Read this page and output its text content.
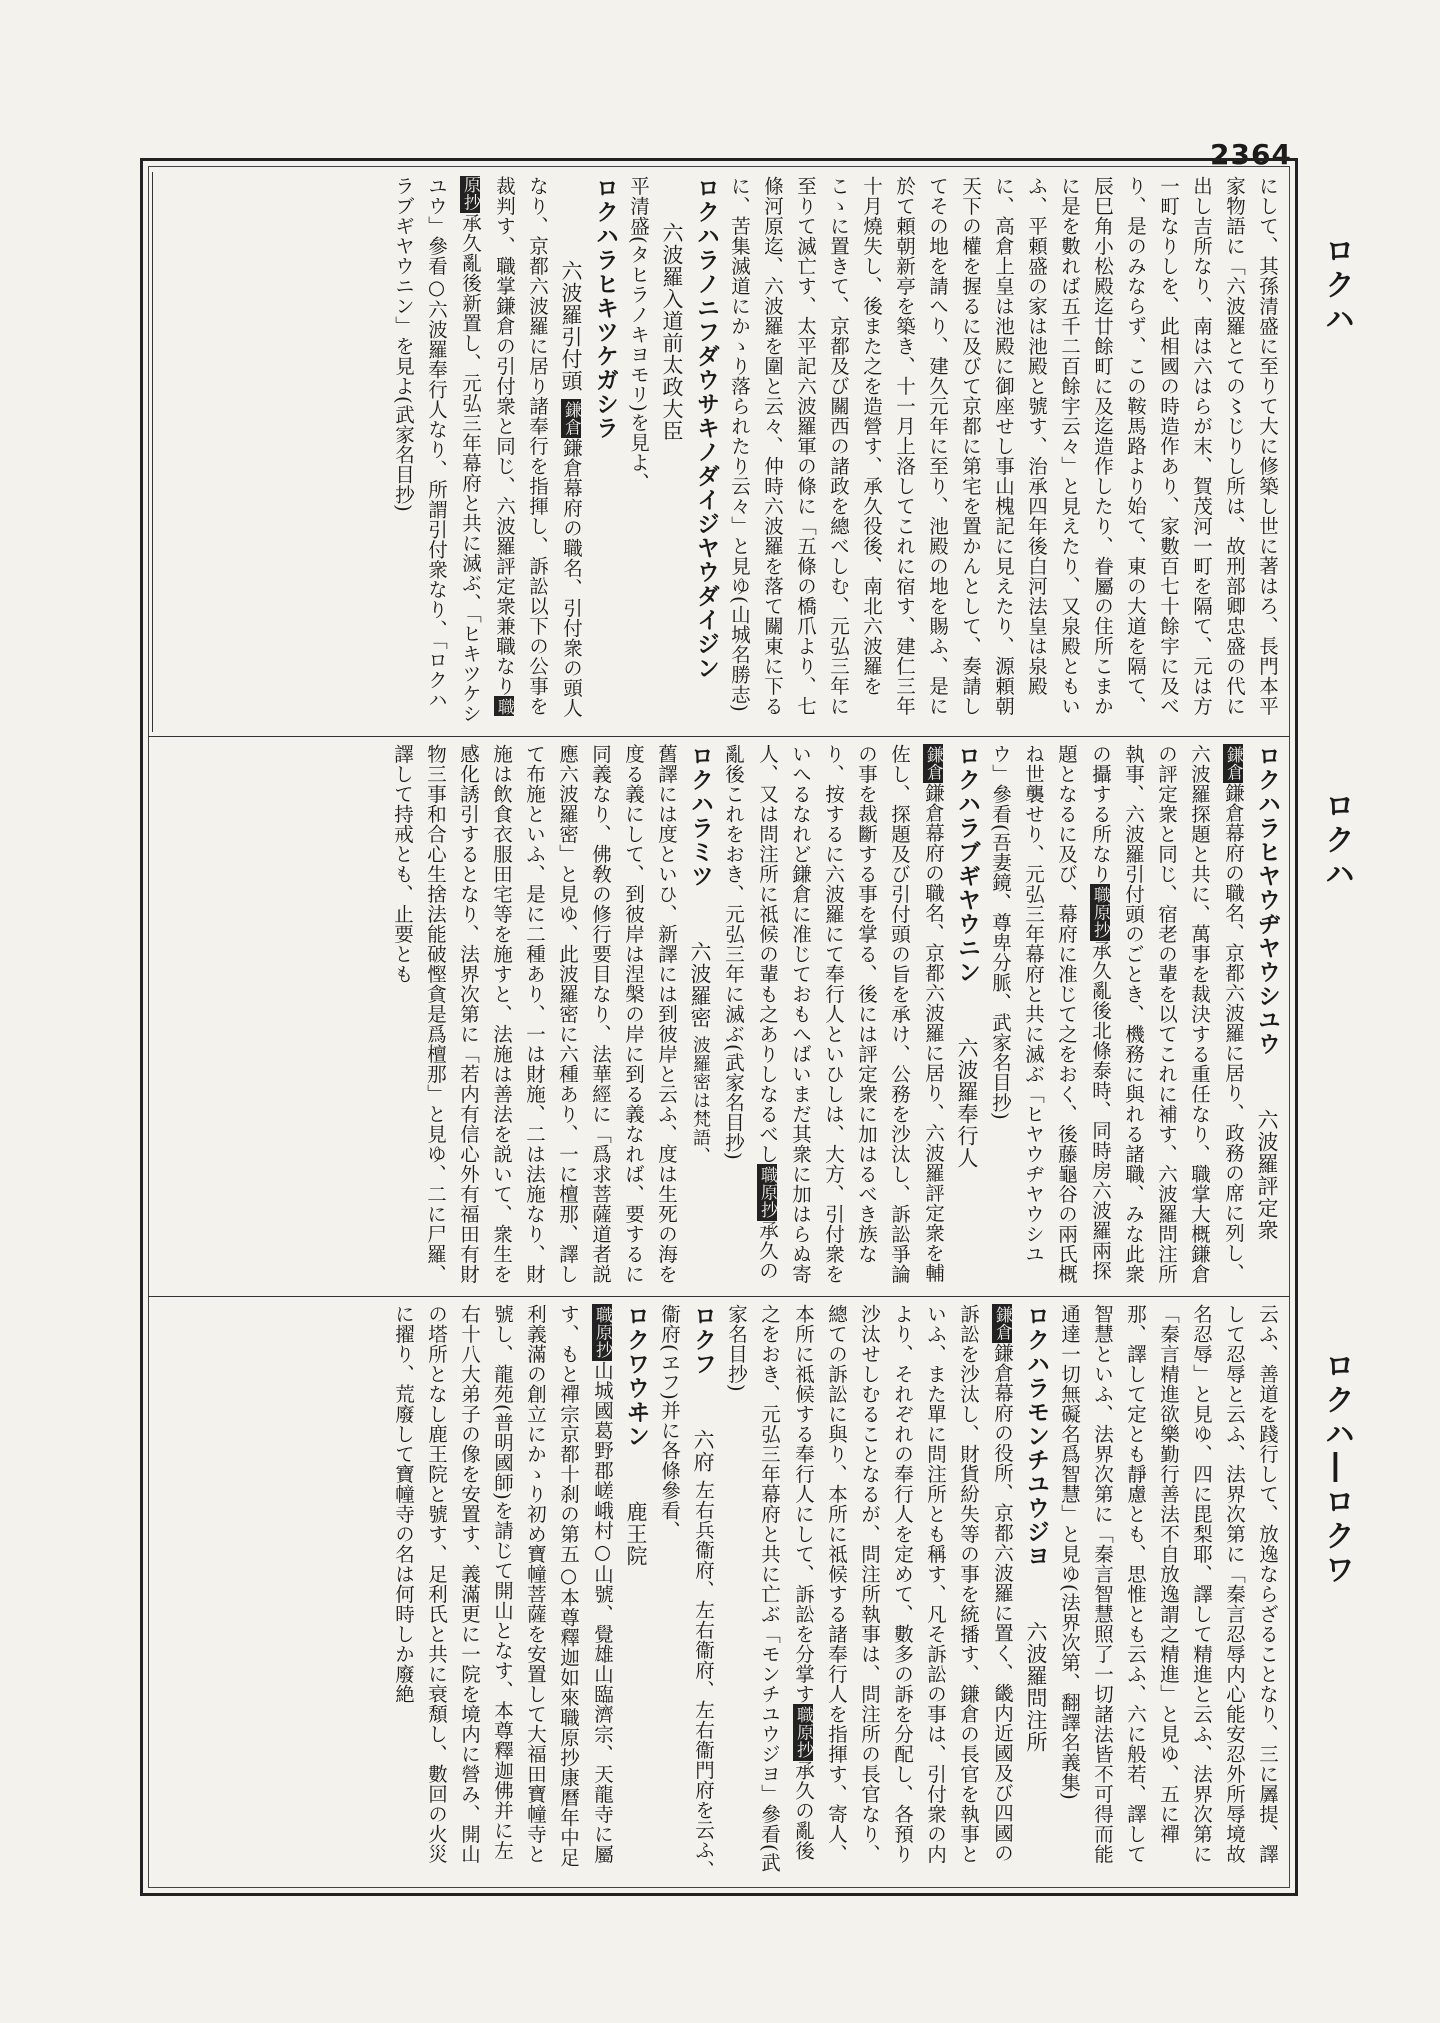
2364
ロクハ
ロクハ
ロクハ―ロクワ

にして、其孫清盛に至りて大に修築し世に著はろ、長門本平家物語に「六波羅とての〻じりし所は、故刑部卿忠盛の代に出し吉所なり、南は六はらが末、賀茂河一町を隔て、元は方一町なりしを、此相國の時造作あり、家數百七十餘宇に及べり、是のみならず、この鞍馬路より始て、東の大道を隔て、辰巳角小松殿迄廿餘町に及迄造作したり、眷屬の住所こまかに是を數れば五千二百餘宇云々」と見えたり、又泉殿ともいふ、平頼盛の家は池殿と號す、治承四年後白河法皇は泉殿に、高倉上皇は池殿に御座せし事山槐記に見えたり、源頼朝天下の權を握るに及びて京都に第宅を置かんとして、奏請してその地を請へり、建久元年に至り、池殿の地を賜ふ、是に於て頼朝新亭を築き、十一月上洛してこれに宿す、建仁三年十月燒失し、後また之を造營す、承久役後、南北六波羅をこゝに置きて、京都及び關西の諸政を總べしむ、元弘三年に至りて滅亡す、太平記六波羅軍の條に「五條の橋爪より、七條河原迄、六波羅を圍と云々、仲時六波羅を落て關東に下るに、苦集滅道にかゝり落られたり云々」と見ゆ(山城名勝志)

ロクハラノニフダウサキノダイジヤウダイジン

六波羅入道前太政大臣

平清盛(タヒラノキヨモリ)を見よ、

ロクハラヒキツケガシラ

六波羅引付頭 鎌倉鎌倉幕府の職名、引付衆の頭人なり、京都六波羅に居り諸奉行を指揮し、訴訟以下の公事を裁判す、職掌鎌倉の引付衆と同じ、六波羅評定衆兼職なり職原抄承久亂後新置し、元弘三年幕府と共に滅ぶ、「ヒキツケシユウ」參看○六波羅奉行人なり、所謂引付衆なり、「ロクハラブギヤウニン」を見よ(武家名目抄)

ロクハラヒヤウヂヤウシユウ 六波羅評定衆

鎌倉鎌倉幕府の職名、京都六波羅に居り、政務の席に列し、六波羅探題と共に、萬事を裁決する重任なり、職掌大概鎌倉の評定衆と同じ、宿老の輩を以てこれに補す、六波羅問注所執事、六波羅引付頭のごとき、機務に與れる諸職、みな此衆の攝する所なり職原抄承久亂後北條泰時、同時房六波羅兩探題となるに及び、幕府に准じて之をおく、後藤龜谷の兩氏概ね世襲せり、元弘三年幕府と共に滅ぶ「ヒヤウヂヤウシユウ」參看(吾妻鏡、尊卑分脈、武家名目抄)

ロクハラブギヤウニン 六波羅奉行人

鎌倉鎌倉幕府の職名、京都六波羅に居り、六波羅評定衆を輔佐し、探題及び引付頭の旨を承け、公務を沙汰し、訴訟爭論の事を裁斷する事を掌る、後には評定衆に加はるべき族なり、按するに六波羅にて奉行人といひしは、大方、引付衆をいへるなれど鎌倉に准じておもへばいまだ其衆に加はらぬ寄人、又は問注所に祗候の輩も之ありしなるべし職原抄承久の亂後これをおき、元弘三年に滅ぶ(武家名目抄)

ロクハラミツ 六波羅密 波羅密は梵語、

舊譯には度といひ、新譯には到彼岸と云ふ、度は生死の海を度る義にして、到彼岸は涅槃の岸に到る義なれば、要するに同義なり、佛敎の修行要目なり、法華經に「爲求菩薩道者説應六波羅密」と見ゆ、此波羅密に六種あり、一に檀那、譯して布施といふ、是に二種あり、一は財施、二は法施なり、財施は飲食衣服田宅等を施すと、法施は善法を説いて、衆生を感化誘引するとなり、法界次第に「若内有信心外有福田有財物三事和合心生捨法能破慳貪是爲檀那」と見ゆ、二に尸羅、譯して持戒とも、止要とも

云ふ、善道を踐行して、放逸ならざることなり、三に羼提、譯して忍辱と云ふ、法界次第に「秦言忍辱内心能安忍外所辱境故名忍辱」と見ゆ、四に毘梨耶、譯して精進と云ふ、法界次第に「秦言精進欲樂勤行善法不自放逸謂之精進」と見ゆ、五に禪那、譯して定とも靜慮とも、思惟とも云ふ、六に般若、譯して智慧といふ、法界次第に「秦言智慧照了一切諸法皆不可得而能通達一切無礙名爲智慧」と見ゆ(法界次第、翻譯名義集)

ロクハラモンチユウジヨ 六波羅問注所

鎌倉鎌倉幕府の役所、京都六波羅に置く、畿内近國及び四國の訴訟を沙汰し、財貨紛失等の事を統播す、鎌倉の長官を執事といふ、また單に問注所とも稱す、凡そ訴訟の事は、引付衆の内より、それぞれの奉行人を定めて、數多の訴を分配し、各預り沙汰せしむることなるが、問注所執事は、問注所の長官なり、總ての訴訟に與り、本所に祗候する諸奉行人を指揮す、寄人、本所に祗候する奉行人にして、訴訟を分掌す職原抄承久の亂後之をおき、元弘三年幕府と共に亡ぶ「モンチユウジヨ」參看(武家名目抄)

ロクフ 六府 左右兵衞府、左右衞府、左右衞門府を云ふ、衞府(ヱフ)并に各條參看、

ロクワウヰン 鹿王院

職原抄山城國葛野郡嵯峨村○山號、覺雄山臨濟宗、天龍寺に屬す、もと禪宗京都十刹の第五○本尊釋迦如來職原抄康曆年中足利義滿の創立にかゝり初め寶幢菩薩を安置して大福田寶幢寺と號し、龍苑(普明國師)を請じて開山となす、本尊釋迦佛并に左右十八大弟子の像を安置す、義滿更に一院を境内に營み、開山の塔所となし鹿王院と號す、足利氏と共に衰頽し、數回の火災に擢り、荒廢して寶幢寺の名は何時しか廢絶
